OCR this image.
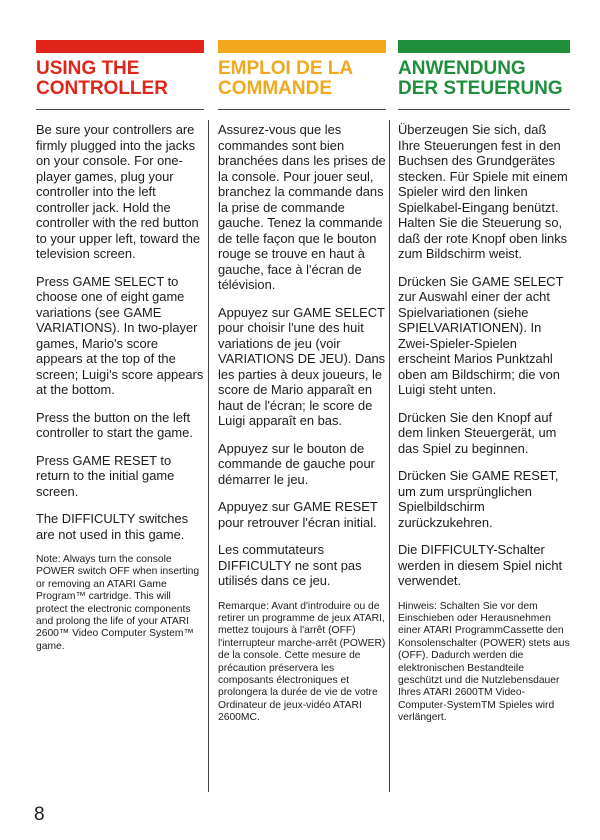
USING THE CONTROLLER

Be sure your controllers are firmly plugged into the jacks on your console. For one-player games, plug your controller into the left controller jack. Hold the controller with the red button to your upper left, toward the television screen.

Press GAME SELECT to choose one of eight game variations (see GAME VARIATIONS). In two-player games, Mario's score appears at the top of the screen; Luigi's score appears at the bottom.

Press the button on the left controller to start the game.

Press GAME RESET to return to the initial game screen.

The DIFFICULTY switches are not used in this game.

Note: Always turn the console POWER switch OFF when inserting or removing an ATARI Game Program™ cartridge. This will protect the electronic components and prolong the life of your ATARI 2600™ Video Computer System™ game.

EMPLOI DE LA COMMANDE

Assurez-vous que les commandes sont bien branchées dans les prises de la console. Pour jouer seul, branchez la commande dans la prise de commande gauche. Tenez la commande de telle façon que le bouton rouge se trouve en haut à gauche, face à l'écran de télévision.

Appuyez sur GAME SELECT pour choisir l'une des huit variations de jeu (voir VARIATIONS DE JEU). Dans les parties à deux joueurs, le score de Mario apparaît en haut de l'écran; le score de Luigi apparaît en bas.

Appuyez sur le bouton de commande de gauche pour démarrer le jeu.

Appuyez sur GAME RESET pour retrouver l'écran initial.

Les commutateurs DIFFICULTY ne sont pas utilisés dans ce jeu.

Remarque: Avant d'introduire ou de retirer un programme de jeux ATARI, mettez toujours à l'arrêt (OFF) l'interrupteur marche-arrêt (POWER) de la console. Cette mesure de précaution préservera les composants électroniques et prolongera la durée de vie de votre Ordinateur de jeux-vidéo ATARI 2600MC.

ANWENDUNG DER STEUERUNG

Überzeugen Sie sich, daß Ihre Steuerungen fest in den Buchsen des Grundgerätes stecken. Für Spiele mit einem Spieler wird den linken Spielkabel-Eingang benützt. Halten Sie die Steuerung so, daß der rote Knopf oben links zum Bildschirm weist.

Drücken Sie GAME SELECT zur Auswahl einer der acht Spielvariationen (siehe SPIELVARIATIONEN). In Zwei-Spieler-Spielen erscheint Marios Punktzahl oben am Bildschirm; die von Luigi steht unten.

Drücken Sie den Knopf auf dem linken Steuergerät, um das Spiel zu beginnen.

Drücken Sie GAME RESET, um zum ursprünglichen Spielbildschirm zurückzukehren.

Die DIFFICULTY-Schalter werden in diesem Spiel nicht verwendet.

Hinweis: Schalten Sie vor dem Einschieben oder Herausnehmen einer ATARI ProgrammCassette den Konsolenschalter (POWER) stets aus (OFF). Dadurch werden die elektronischen Bestandteile geschützt und die Nutzlebensdauer Ihres ATARI 2600TM Video-Computer-SystemTM Spieles wird verlängert.

8
